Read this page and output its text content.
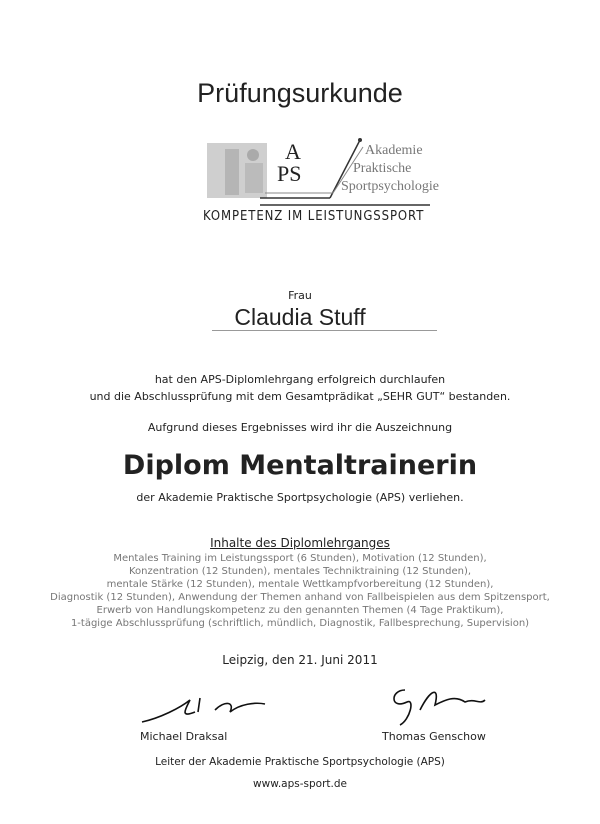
Prüfungsurkunde
A
PS
Akademie
Praktische
Sportpsychologie
KOMPETENZ IM LEISTUNGSSPORT
Frau
Claudia Stuff
hat den APS-Diplomlehrgang erfolgreich durchlaufen
und die Abschlussprüfung mit dem Gesamtprädikat „SEHR GUT“ bestanden.
Aufgrund dieses Ergebnisses wird ihr die Auszeichnung
Diplom Mentaltrainerin
der Akademie Praktische Sportpsychologie (APS) verliehen.
Inhalte des Diplomlehrganges
Mentales Training im Leistungssport (6 Stunden), Motivation (12 Stunden),
Konzentration (12 Stunden), mentales Techniktraining (12 Stunden),
mentale Stärke (12 Stunden), mentale Wettkampfvorbereitung (12 Stunden),
Diagnostik (12 Stunden), Anwendung der Themen anhand von Fallbeispielen aus dem Spitzensport,
Erwerb von Handlungskompetenz zu den genannten Themen (4 Tage Praktikum),
1-tägige Abschlussprüfung (schriftlich, mündlich, Diagnostik, Fallbesprechung, Supervision)
Leipzig, den 21. Juni 2011
Michael Draksal	Thomas Genschow
Leiter der Akademie Praktische Sportpsychologie (APS)
www.aps-sport.de
